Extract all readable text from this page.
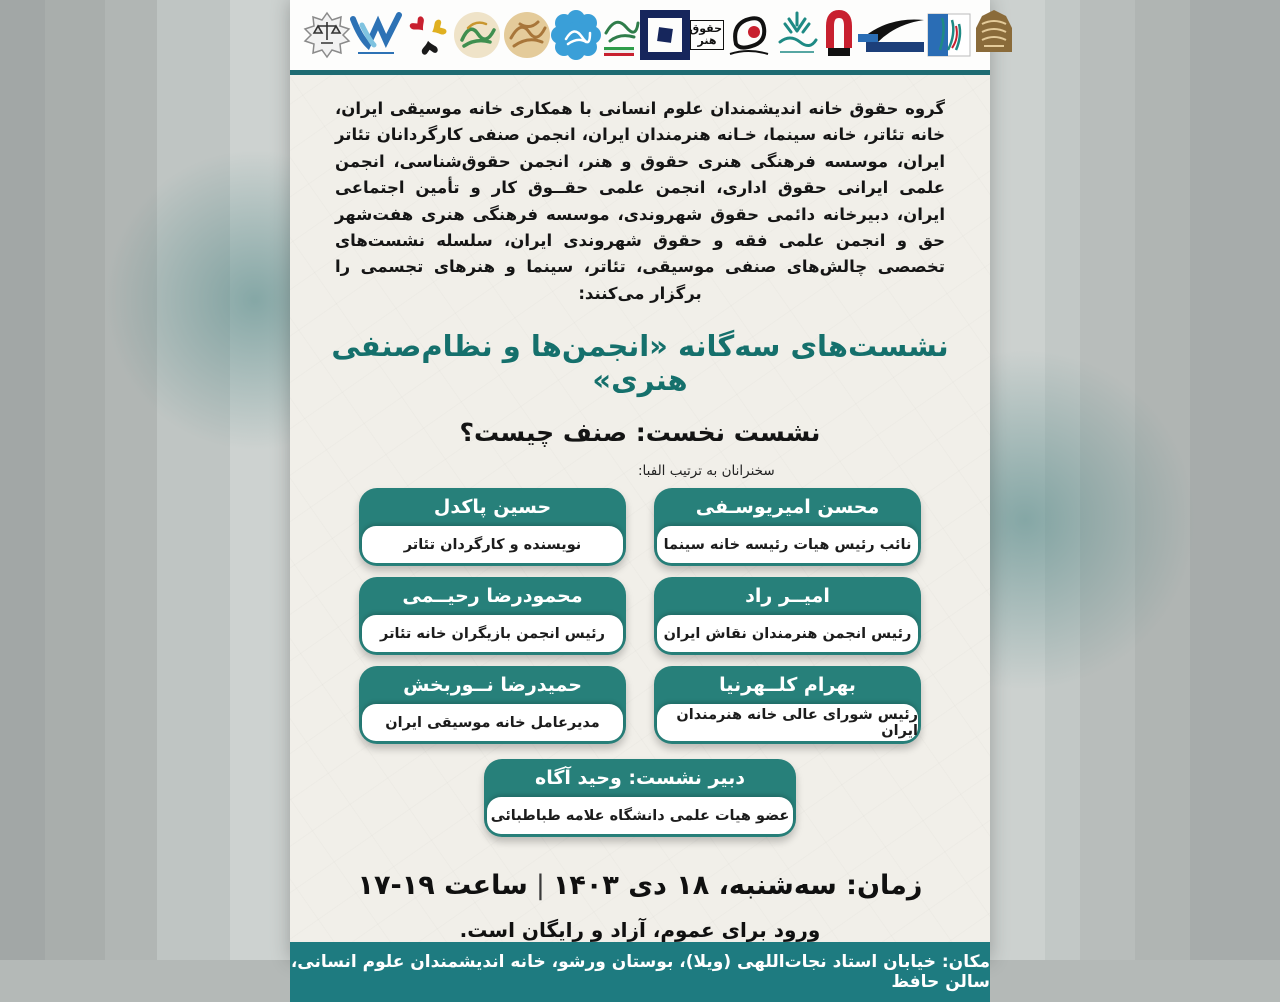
حقوق هنر

گروه حقوق خانه اندیشمندان علوم انسانی با همکاری خانه موسیقی ایران، خانه تئاتر، خانه سینما، خـانه هنرمندان ایران، انجمن صنفی کارگردانان تئاتر ایران، موسسه فرهنگی هنری حقوق و هنر، انجمن حقوق‌شناسی، انجمن علمی ایرانی حقوق اداری، انجمن علمی حقــوق کار و تأمین اجتماعی ایران، دبیرخانه دائمی حقوق شهروندی، موسسه فرهنگی هنری هفت‌شهر حق و انجمن علمی فقه و حقوق شهروندی ایران، سلسله نشست‌های تخصصی چالش‌های صنفی موسیقی، تئاتر، سینما و هنرهای تجسمی را برگزار می‌کنند:

نشست‌های سه‌گانه «انجمن‌ها و نظام‌صنفی هنری»
نشست نخست: صنف چیست؟
سخنرانان به ترتیب الفبا:
محسن امیریوسـفی
نائب رئیس هیات رئیسه خانه سینما
حسین پاکدل
نویسنده و کارگردان تئاتر
امیــر راد
رئیس انجمن هنرمندان نقاش ایران
محمودرضا رحیــمی
رئیس انجمن بازیگران خانه تئاتر
بهرام کلــهرنیا
رئیس شورای عالی خانه هنرمندان ایران
حمیدرضا نــوربخش
مدیرعامل خانه موسیقی ایران
دبیر نشست: وحید آگاه
عضو هیات علمی دانشگاه علامه طباطبائی
زمان: سه‌شنبه، ۱۸ دی ۱۴۰۳|ساعت ۱۹-۱۷
ورود برای عموم، آزاد و رایگان است.
مکان: خیابان استاد نجات‌اللهی (ویلا)، بوستان ورشو، خانه اندیشمندان علوم انسانی، سالن حافظ
